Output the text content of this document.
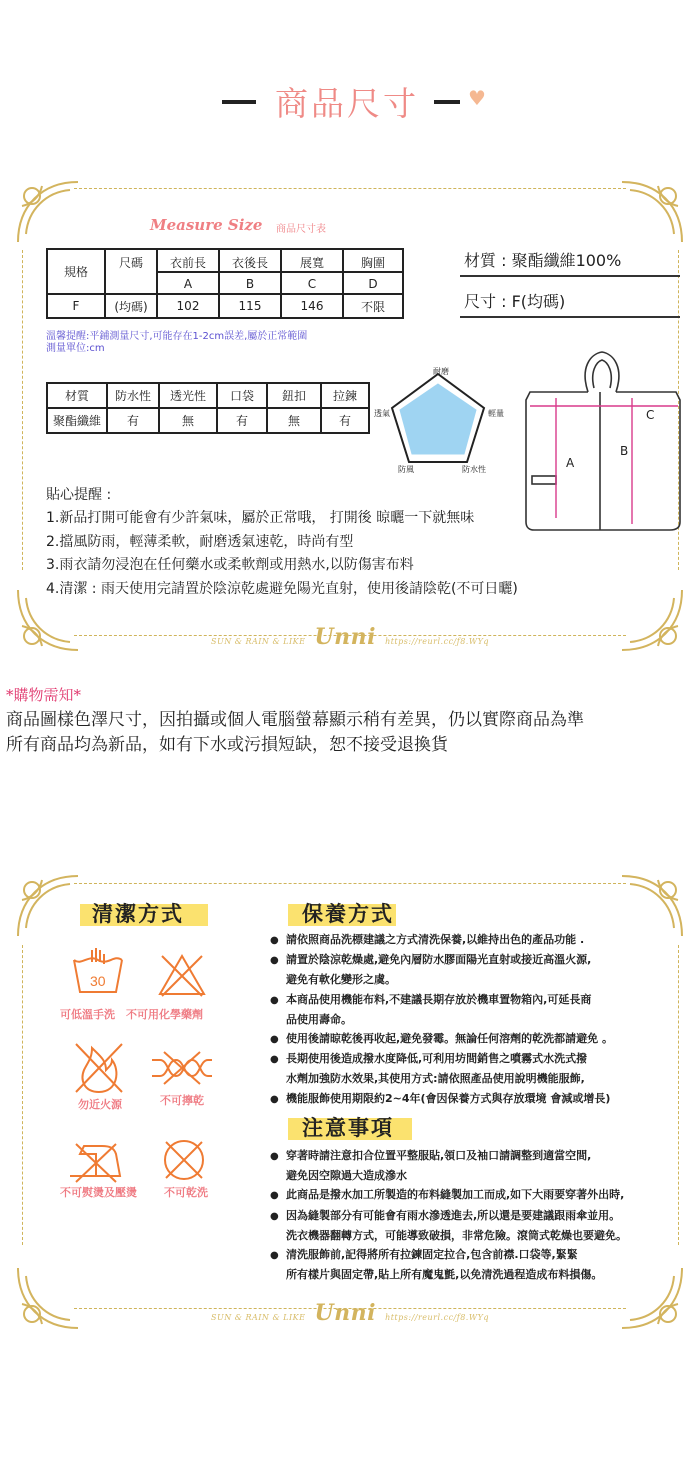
商品尺寸 ♥
Measure Size 商品尺寸表
規格	尺碼	衣前長	衣後長	展寬	胸圍
		A	B	C	D
F	(均碼)	102	115	146	不限
材質 : 聚酯纖維100%
尺寸 : F(均碼)
溫馨提醒:平鋪測量尺寸,可能存在1-2cm誤差,屬於正常範圍
測量單位:cm
材質	防水性	透光性	口袋	鈕扣	拉鍊
聚酯纖維	有	無	有	無	有
耐磨
透氣	輕量
防風	防水性	A
B
C
貼心提醒 :
1.新品打開可能會有少許氣味，屬於正常哦， 打開後 晾曬一下就無味
2.擋風防雨，輕薄柔軟，耐磨透氣速乾，時尚有型
3.雨衣請勿浸泡在任何藥水或柔軟劑或用熱水,以防傷害布料
4.清潔 : 雨天使用完請置於陰涼乾處避免陽光直射，使用後請陰乾(不可日曬)
SUN & RAIN & LIKE Unni https://reurl.cc/ƒ8.WYq
*購物需知*
商品圖樣色澤尺寸，因拍攝或個人電腦螢幕顯示稍有差異，仍以實際商品為準
所有商品均為新品，如有下水或污損短缺，恕不接受退換貨
清潔方式
30
可低溫手洗 不可用化學藥劑
勿近火源	不可擰乾
不可熨燙及壓燙 不可乾洗
保養方式
● 請依照商品洗標建議之方式清洗保養,以維持出色的產品功能 .
● 請置於陰涼乾燥處,避免內層防水膠面陽光直射或接近高溫火源,
避免有軟化變形之虞。
● 本商品使用機能布料,不建議長期存放於機車置物箱內,可延長商
品使用壽命。
● 使用後請晾乾後再收起,避免發霉。無論任何溶劑的乾洗都請避免 。
● 長期使用後造成撥水度降低,可利用坊間銷售之噴霧式水洗式撥
水劑加強防水效果,其使用方式:請依照產品使用說明機能服飾,
● 機能服飾使用期限約2~4年(會因保養方式與存放環境 會減或增長)
注意事項
● 穿著時請注意扣合位置平整服貼,領口及袖口請調整到適當空間,
避免因空隙過大造成滲水
● 此商品是撥水加工所製造的布料縫製加工而成,如下大雨要穿著外出時,
● 因為縫製部分有可能會有雨水滲透進去,所以還是要建議跟雨傘並用。
洗衣機器翻轉方式，可能導致破損，非常危險。滾筒式乾燥也要避免。
● 清洗服飾前,記得將所有拉鍊固定拉合,包含前襟.口袋等,緊緊
所有樣片與固定帶,貼上所有魔鬼氈,以免清洗過程造成布料損傷。
SUN & RAIN & LIKE Unni https://reurl.cc/ƒ8.WYq
